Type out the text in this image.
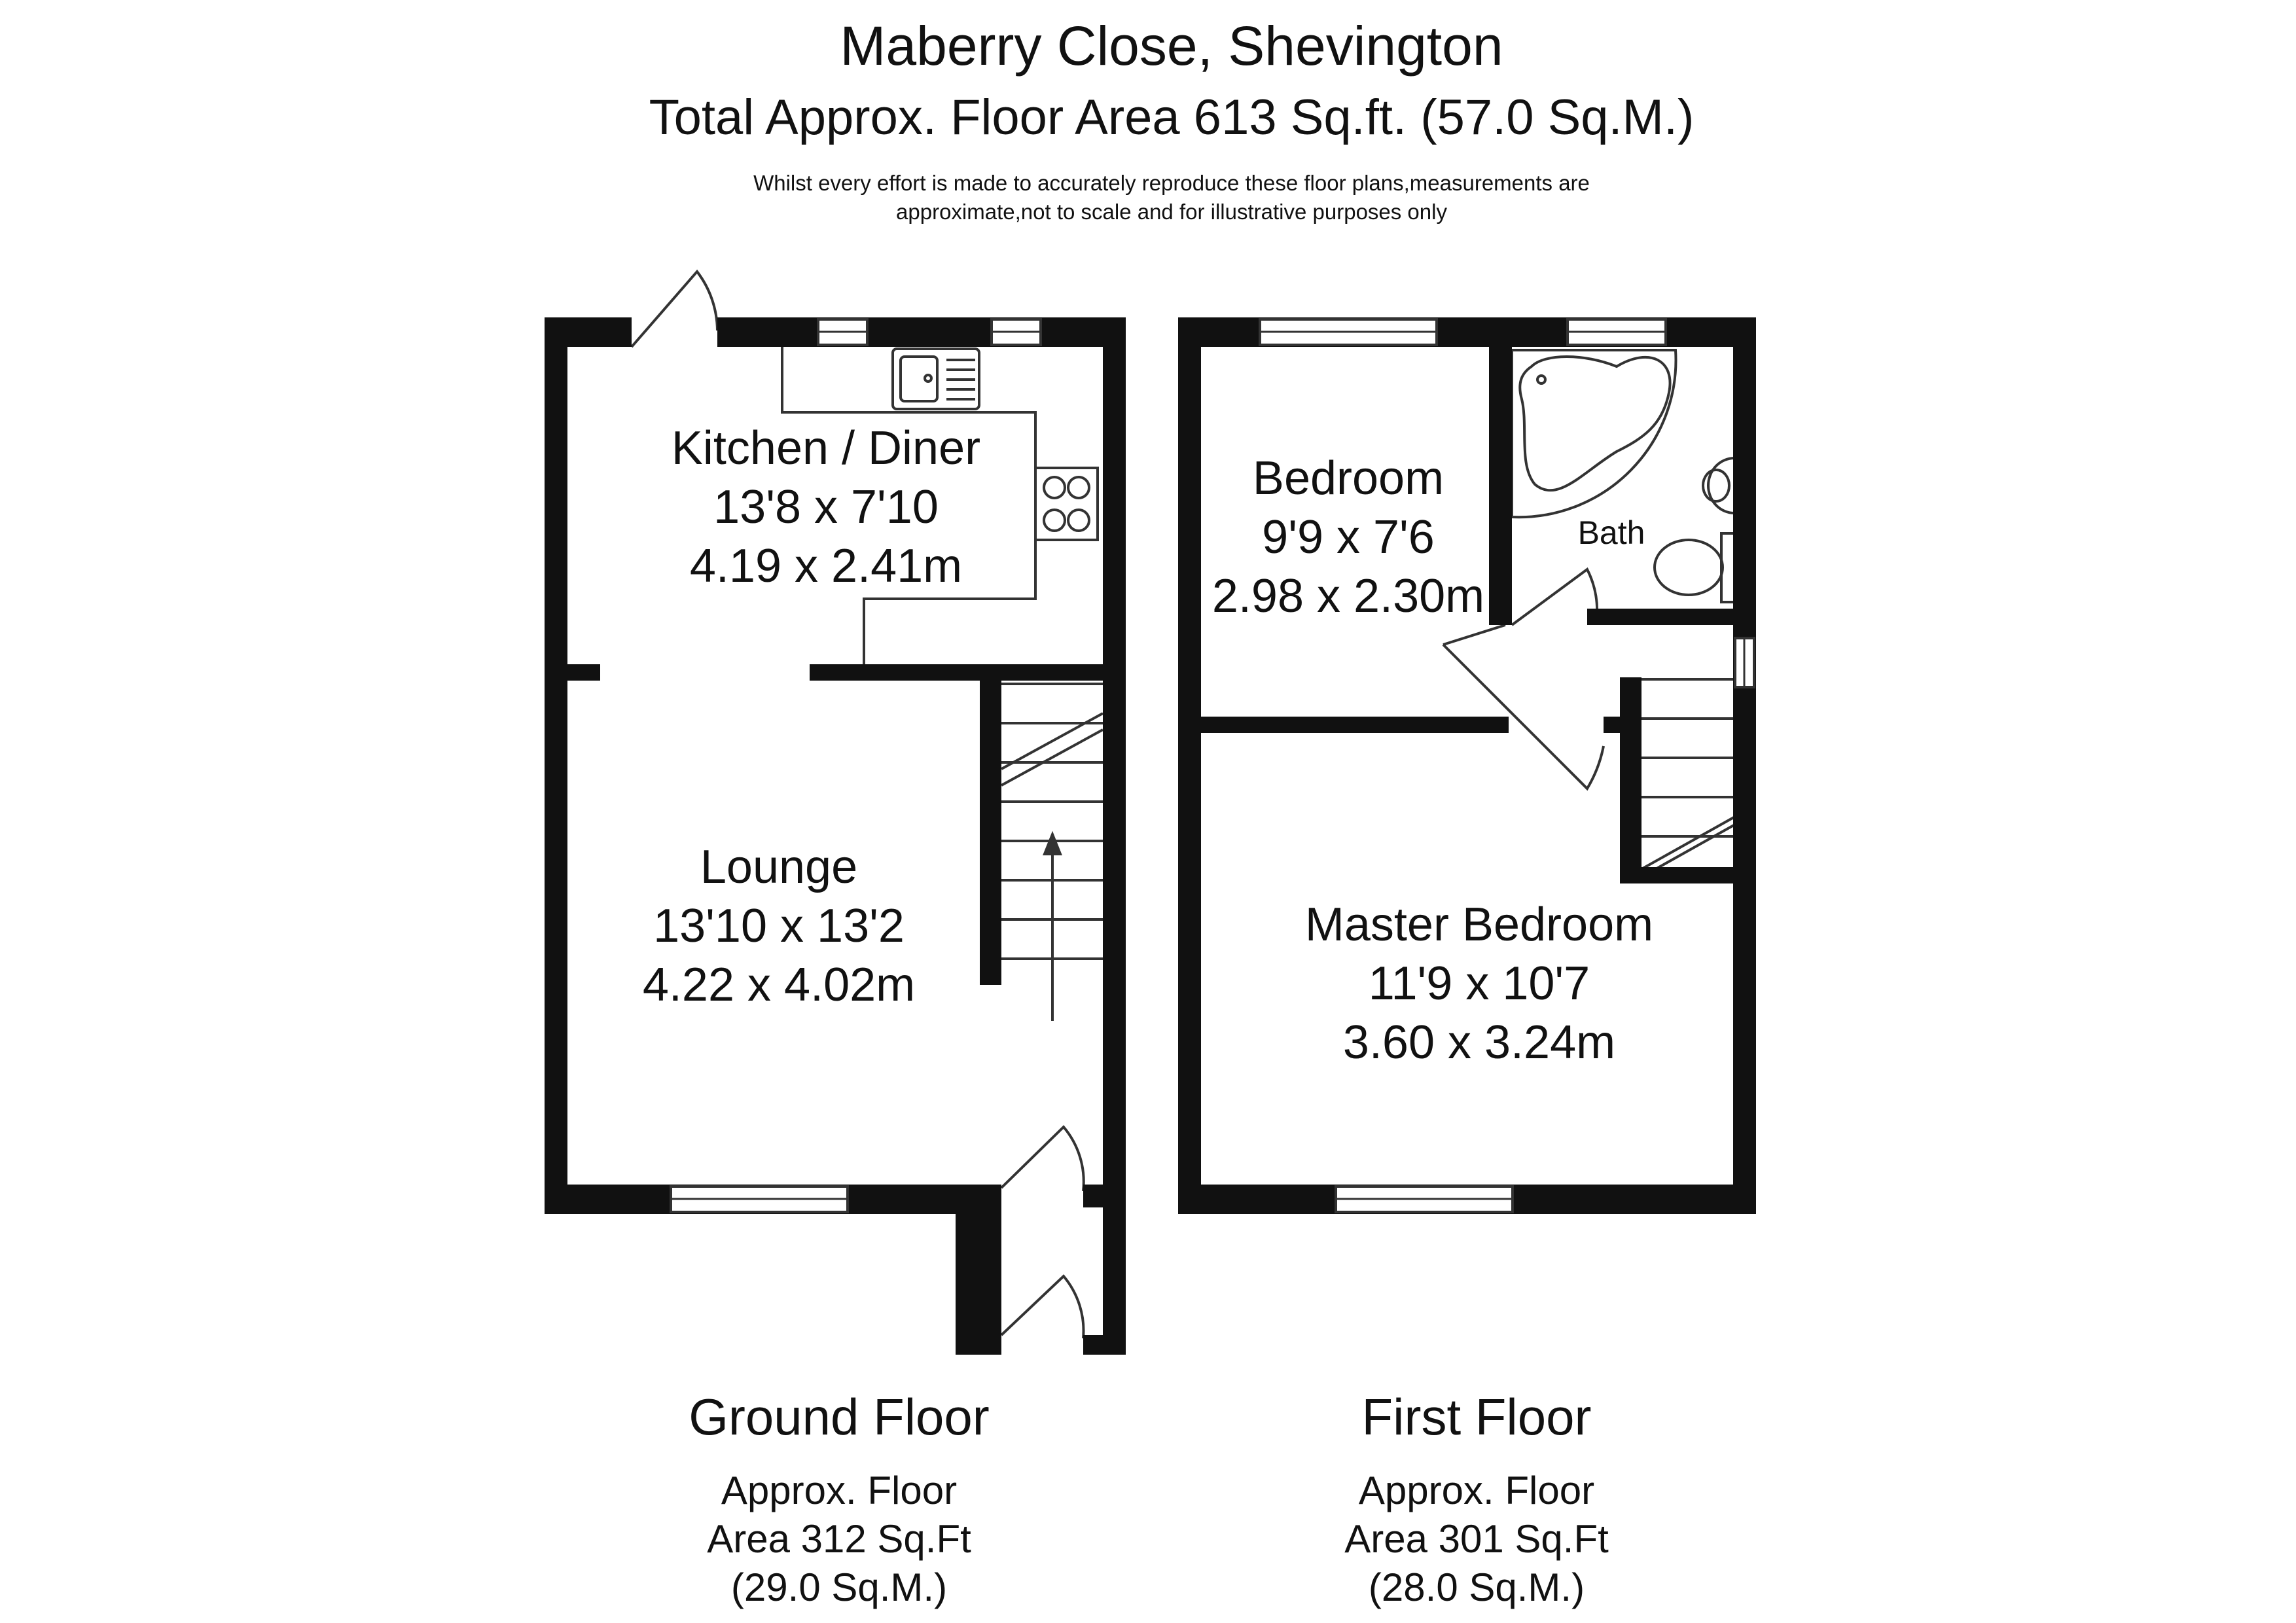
Maberry Close, Shevington
Total Approx. Floor Area 613 Sq.ft. (57.0 Sq.M.)
Whilst every effort is made to accurately reproduce these floor plans,measurements are
approximate,not to scale and for illustrative purposes only
Kitchen / Diner
13'8 x 7'10
4.19 x 2.41m
Lounge
13'10 x 13'2
4.22 x 4.02m
Bedroom
9'9 x 7'6
2.98 x 2.30m
Bath
Master Bedroom
11'9 x 10'7
3.60 x 3.24m
Ground Floor
Approx. Floor
Area 312 Sq.Ft
(29.0 Sq.M.)
First Floor
Approx. Floor
Area 301 Sq.Ft
(28.0 Sq.M.)
